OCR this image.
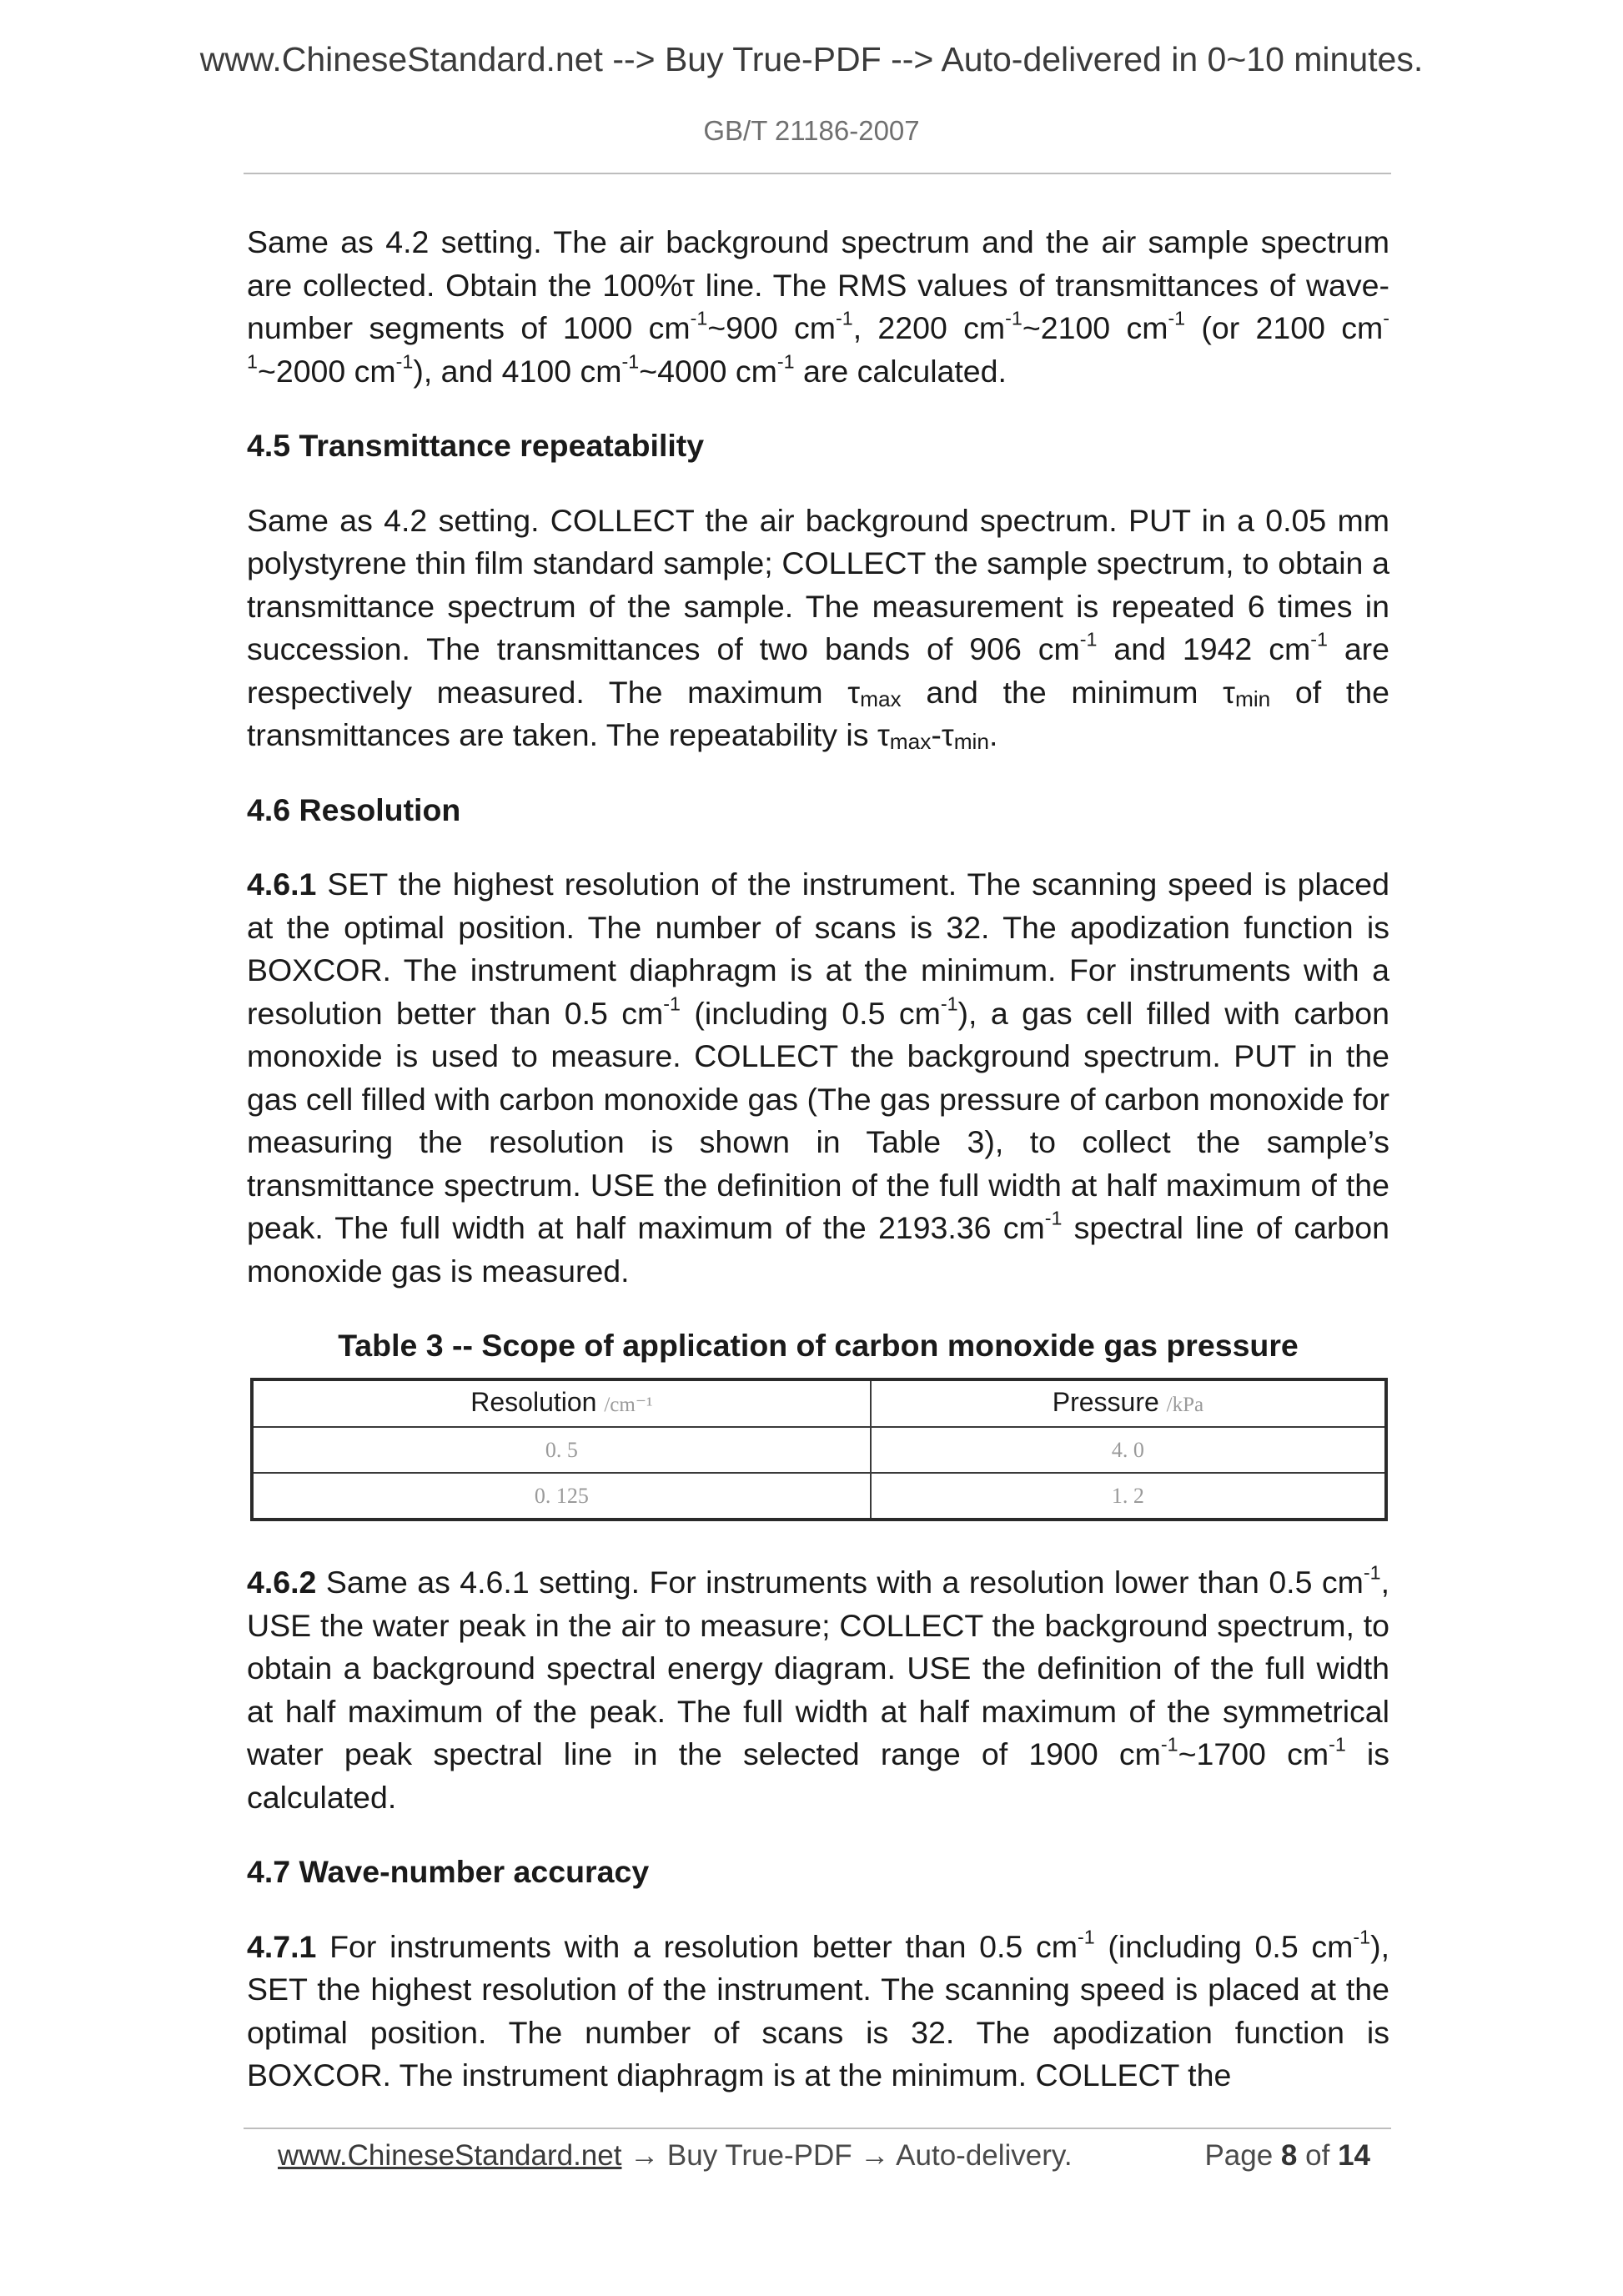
www.ChineseStandard.net --> Buy True-PDF --> Auto-delivered in 0~10 minutes.
GB/T 21186-2007

Same as 4.2 setting. The air background spectrum and the air sample spectrum are collected. Obtain the 100%τ line. The RMS values of transmittances of wave-number segments of 1000 $cm^{-1}\sim 900$ $cm^{-1}$, 2200 $cm^{-1}\sim 2100$ $cm^{-1}$ (or 2100 $cm^{-1}\sim 2000$ $cm^{-1}$), and 4100 $cm^{-1}\sim 4000$ $cm^{-1}$ are calculated.

4.5 Transmittance repeatability

Same as 4.2 setting. COLLECT the air background spectrum. PUT in a 0.05 mm polystyrene thin film standard sample; COLLECT the sample spectrum, to obtain a transmittance spectrum of the sample. The measurement is repeated 6 times in succession. The transmittances of two bands of 906 $cm^{-1}$ and 1942 $cm^{-1}$ are respectively measured. The maximum $\tau_{max}$ and the minimum $\tau_{min}$ of the transmittances are taken. The repeatability is $\tau_{max}-\tau_{min}$.

4.6 Resolution

4.6.1 SET the highest resolution of the instrument. The scanning speed is placed at the optimal position. The number of scans is 32. The apodization function is BOXCOR. The instrument diaphragm is at the minimum. For instruments with a resolution better than 0.5 $cm^{-1}$ (including 0.5 $cm^{-1}$), a gas cell filled with carbon monoxide is used to measure. COLLECT the background spectrum. PUT in the gas cell filled with carbon monoxide gas (The gas pressure of carbon monoxide for measuring the resolution is shown in Table 3), to collect the sample’s transmittance spectrum. USE the definition of the full width at half maximum of the peak. The full width at half maximum of the 2193.36 $cm^{-1}$ spectral line of carbon monoxide gas is measured.

Table 3 -- Scope of application of carbon monoxide gas pressure
Resolution /cm⁻¹	Pressure /kPa
0. 5	4. 0
0. 125	1. 2

4.6.2 Same as 4.6.1 setting. For instruments with a resolution lower than 0.5 $cm^{-1}$, USE the water peak in the air to measure; COLLECT the background spectrum, to obtain a background spectral energy diagram. USE the definition of the full width at half maximum of the peak. The full width at half maximum of the symmetrical water peak spectral line in the selected range of 1900 $cm^{-1}\sim 1700$ $cm^{-1}$ is calculated.

4.7 Wave-number accuracy

4.7.1 For instruments with a resolution better than 0.5 $cm^{-1}$ (including 0.5 $cm^{-1}$), SET the highest resolution of the instrument. The scanning speed is placed at the optimal position. The number of scans is 32. The apodization function is BOXCOR. The instrument diaphragm is at the minimum. COLLECT the

www.ChineseStandard.net → Buy True-PDF → Auto-delivery.	Page 8 of 14
